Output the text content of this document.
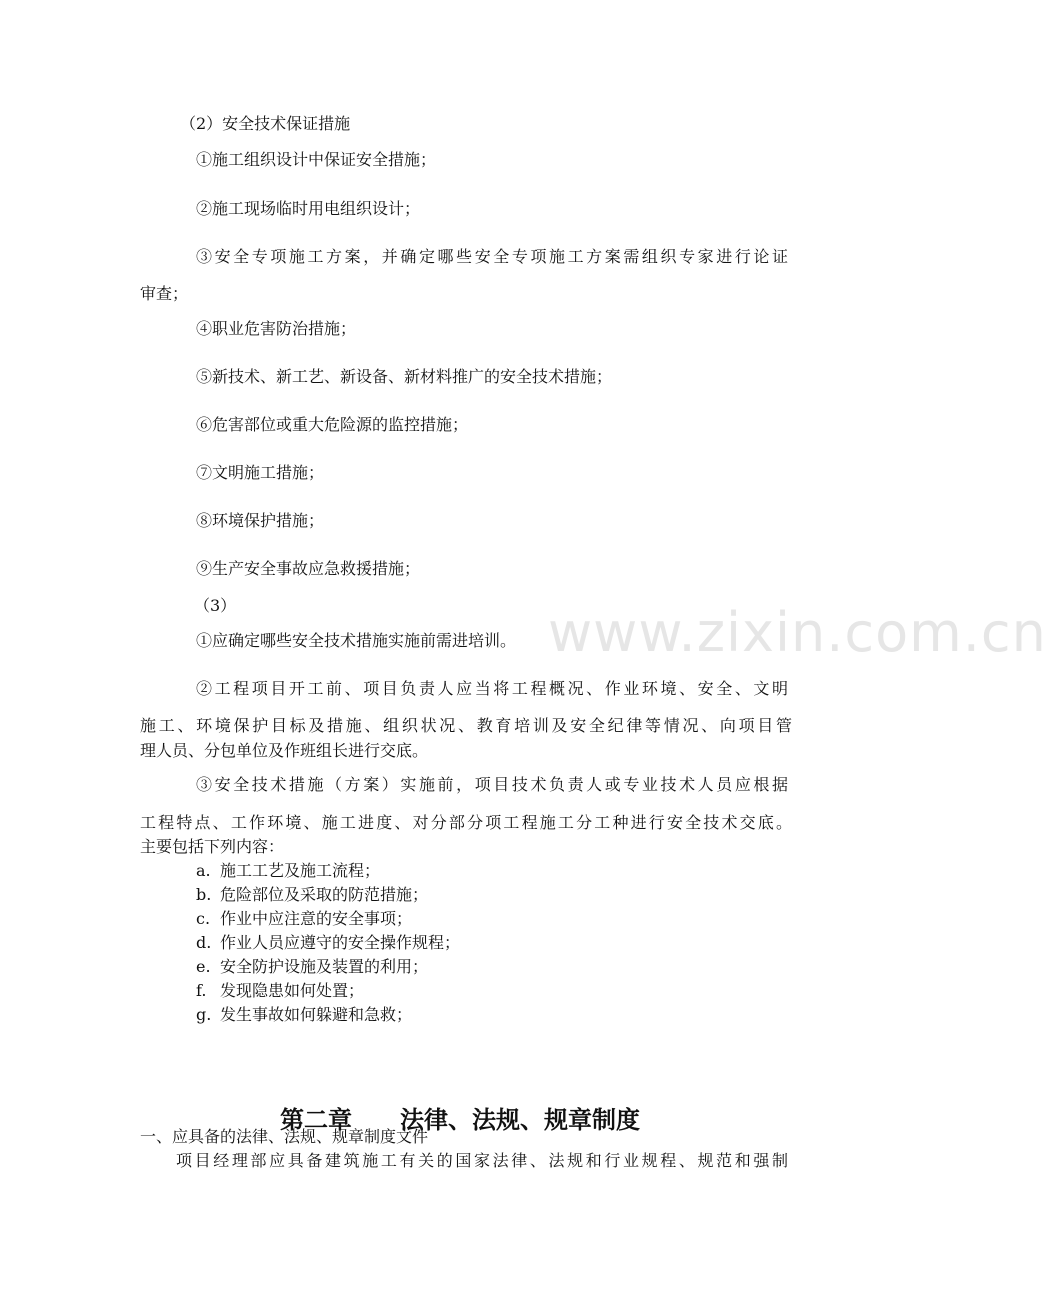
www.zixin.com.cn

（2）安全技术保证措施

①施工组织设计中保证安全措施；

②施工现场临时用电组织设计；

③安全专项施工方案，并确定哪些安全专项施工方案需组织专家进行论证

审查；

④职业危害防治措施；

⑤新技术、新工艺、新设备、新材料推广的安全技术措施；

⑥危害部位或重大危险源的监控措施；

⑦文明施工措施；

⑧环境保护措施；

⑨生产安全事故应急救援措施；

（3）

①应确定哪些安全技术措施实施前需进培训。

②工程项目开工前、项目负责人应当将工程概况、作业环境、安全、文明

施工、环境保护目标及措施、组织状况、教育培训及安全纪律等情况、向项目管

理人员、分包单位及作班组长进行交底。

③安全技术措施（方案）实施前，项目技术负责人或专业技术人员应根据

工程特点、工作环境、施工进度、对分部分项工程施工分工种进行安全技术交底。

主要包括下列内容：

a. 施工工艺及施工流程；

b. 危险部位及采取的防范措施；

c. 作业中应注意的安全事项；

d. 作业人员应遵守的安全操作规程；

e. 安全防护设施及装置的利用；

f. 发现隐患如何处置；

g. 发生事故如何躲避和急救；

第二章 法律、法规、规章制度

一、应具备的法律、法规、规章制度文件

项目经理部应具备建筑施工有关的国家法律、法规和行业规程、规范和强制
